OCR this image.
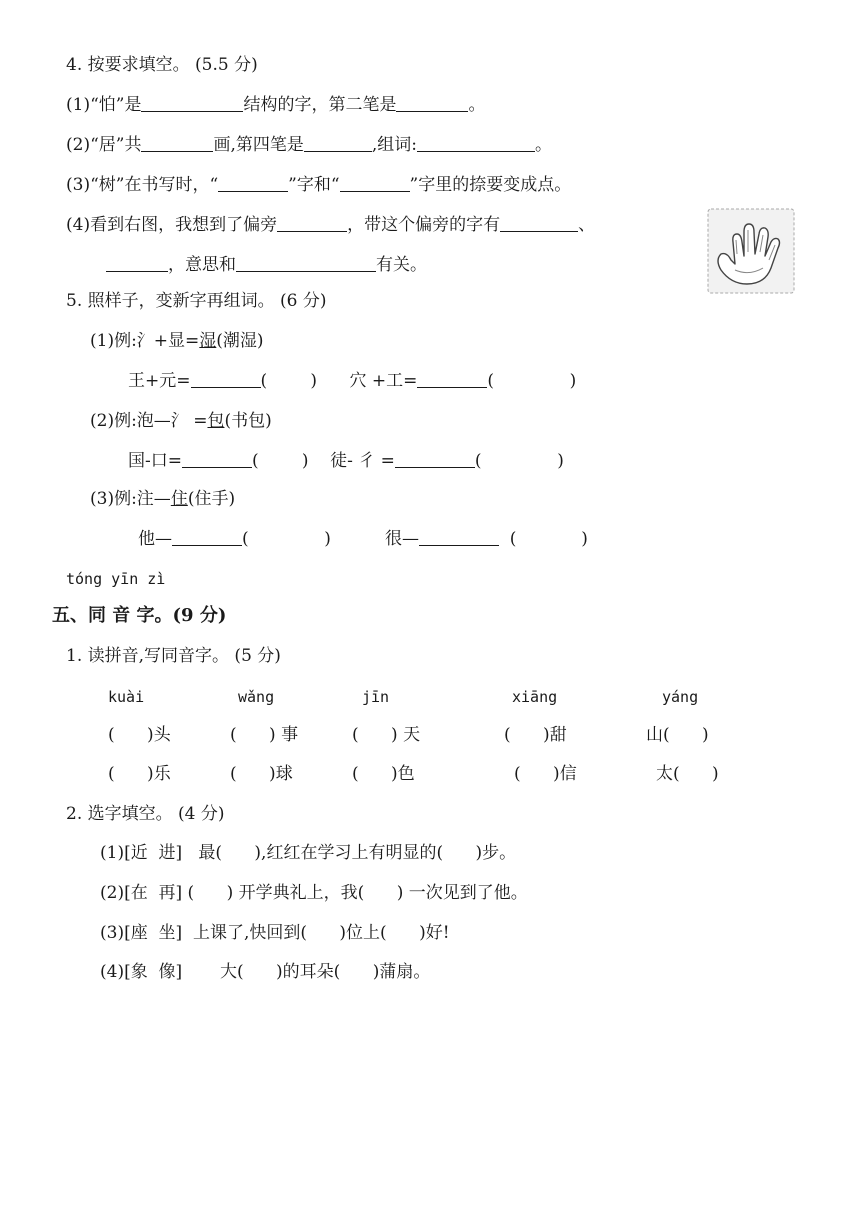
4. 按要求填空。 (5.5 分)
(1)“怕”是	结构的字，第二笔是	。
(2)“居”共	画,第四笔是	,组词:	。
(3)“树”在书写时，“	”字和“	”字里的捺要变成点。
(4)看到右图，我想到了偏旁	，带这个偏旁的字有	、
，意思和	有关。
5. 照样子，变新字再组词。 (6 分)
(1)例:氵+显=湿(潮湿)
王+元=	(        ) 穴 +工=	(              )
(2)例:泡—氵 =包(书包)
国-口=	(        ) 徒- 彳 =	(              )
(3)例:注—住(住手)
他—	(              )	很—	(            )
tóng yīn zì
五、同 音 字。(9 分)
1. 读拼音,写同音字。 (5 分)
kuài	wǎng	jīn	xiāng	yáng
(      )头	(      ) 事	(      ) 天	(      )甜	山(      )
(      )乐	(      )球	(      )色	(      )信	太(      )
2. 选字填空。 (4 分)
(1)[近  进]   最(      ),红红在学习上有明显的(      )步。
(2)[在  再] (      ) 开学典礼上，我(      ) 一次见到了他。
(3)[座  坐]  上课了,快回到(      )位上(      )好!
(4)[象  像]       大(      )的耳朵(      )蒲扇。
